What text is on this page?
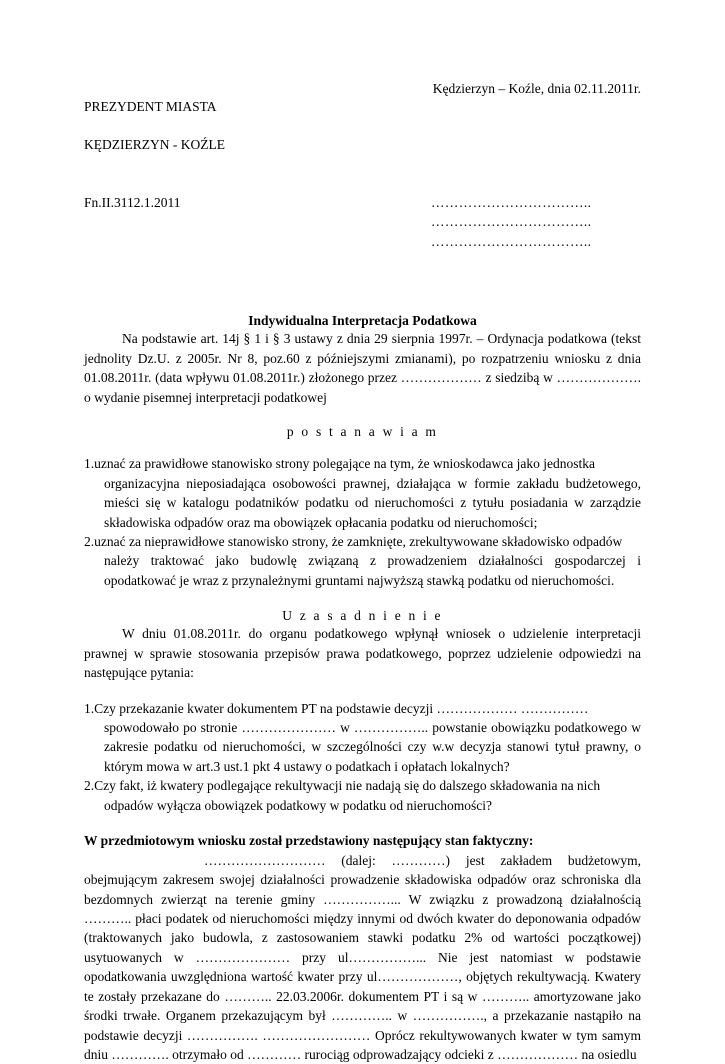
PREZYDENT MIASTA

KĘDZIERZYN - KOŹLE

Kędzierzyn – Koźle, dnia 02.11.2011r.
Fn.II.3112.1.2011	……………………………..
……………………………..
……………………………..
Indywidualna Interpretacja Podatkowa

Na podstawie art. 14j § 1 i § 3 ustawy z dnia 29 sierpnia 1997r. – Ordynacja podatkowa (tekst jednolity Dz.U. z 2005r. Nr 8, poz.60 z późniejszymi zmianami), po rozpatrzeniu wniosku z dnia 01.08.2011r. (data wpływu 01.08.2011r.) złożonego przez ……………… z siedzibą w ………………. o wydanie pisemnej interpretacji podatkowej

p o s t a n a w i a m
1.uznać za prawidłowe stanowisko strony polegające na tym, że wnioskodawca jako jednostka
organizacyjna nieposiadająca osobowości prawnej, działająca w formie zakładu budżetowego, mieści się w katalogu podatników podatku od nieruchomości z tytułu posiadania w zarządzie składowiska odpadów oraz ma obowiązek opłacania podatku od nieruchomości;
2.uznać za nieprawidłowe stanowisko strony, że zamknięte, zrekultywowane składowisko odpadów
należy traktować jako budowlę związaną z prowadzeniem działalności gospodarczej i opodatkować je wraz z przynależnymi gruntami najwyższą stawką podatku od nieruchomości.
U z a s a d n i e n i e

W dniu 01.08.2011r. do organu podatkowego wpłynął wniosek o udzielenie interpretacji prawnej w sprawie stosowania przepisów prawa podatkowego, poprzez udzielenie odpowiedzi na następujące pytania:

1.Czy przekazanie kwater dokumentem PT na podstawie decyzji ……………… ……………
spowodowało po stronie ………………… w …………….. powstanie obowiązku podatkowego w zakresie podatku od nieruchomości, w szczególności czy w.w decyzja stanowi tytuł prawny, o którym mowa w art.3 ust.1 pkt 4 ustawy o podatkach i opłatach lokalnych?
2.Czy fakt, iż kwatery podlegające rekultywacji nie nadają się do dalszego składowania na nich
odpadów wyłącza obowiązek podatkowy w podatku od nieruchomości?
W przedmiotowym wniosku został przedstawiony następujący stan faktyczny:

……………………… (dalej: …………) jest zakładem budżetowym, obejmującym zakresem swojej działalności prowadzenie składowiska odpadów oraz schroniska dla bezdomnych zwierząt na terenie gminy ……………... W związku z prowadzoną działalnością ……….. płaci podatek od nieruchomości między innymi od dwóch kwater do deponowania odpadów (traktowanych jako budowla, z zastosowaniem stawki podatku 2% od wartości początkowej) usytuowanych w ………………… przy ul……………... Nie jest natomiast w podstawie opodatkowania uwzględniona wartość kwater przy ul………………, objętych rekultywacją. Kwatery te zostały przekazane do ……….. 22.03.2006r. dokumentem PT i są w ……….. amortyzowane jako środki trwałe. Organem przekazującym był ………….. w ……………., a przekazanie nastąpiło na podstawie decyzji ……………. …………………… Oprócz rekultywowanych kwater w tym samym dniu …………. otrzymało od ………… rurociąg odprowadzający odcieki z ……………… na osiedlu
